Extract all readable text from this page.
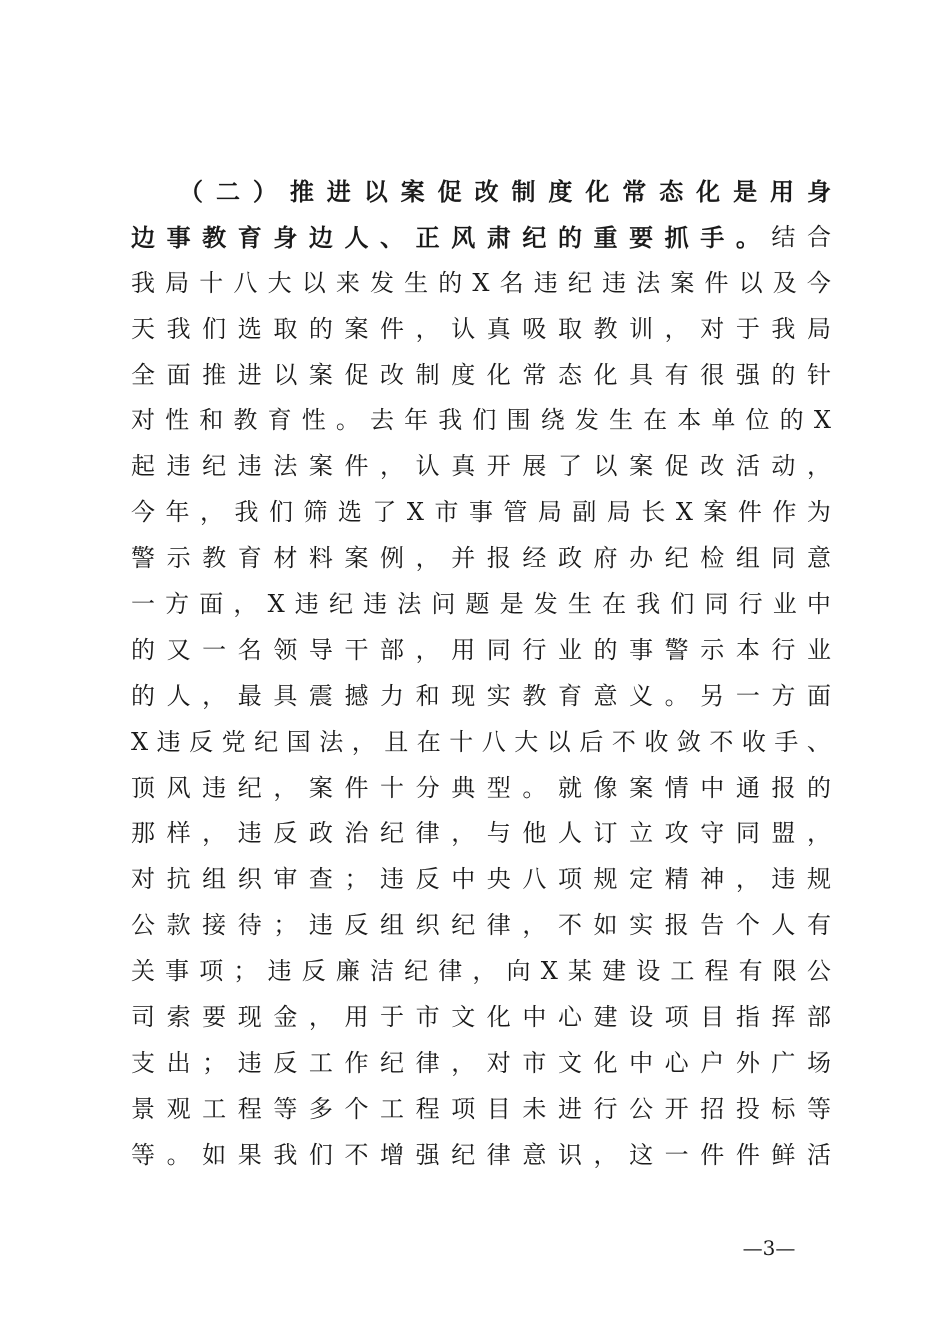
（ 二 ） 推 进 以 案 促 改 制 度 化 常 态 化 是 用 身
边 事 教 育 身 边 人 、 正 风 肃 纪 的 重 要 抓 手 。 结 合
我 局 十 八 大 以 来 发 生 的 X 名 违 纪 违 法 案 件 以 及 今
天 我 们 选 取 的 案 件 ， 认 真 吸 取 教 训 ， 对 于 我 局
全 面 推 进 以 案 促 改 制 度 化 常 态 化 具 有 很 强 的 针
对 性 和 教 育 性 。 去 年 我 们 围 绕 发 生 在 本 单 位 的 X
起 违 纪 违 法 案 件 ， 认 真 开 展 了 以 案 促 改 活 动 ，
今 年 ， 我 们 筛 选 了 X 市 事 管 局 副 局 长 X 案 件 作 为
警 示 教 育 材 料 案 例 ， 并 报 经 政 府 办 纪 检 组 同 意
一 方 面 ， X 违 纪 违 法 问 题 是 发 生 在 我 们 同 行 业 中
的 又 一 名 领 导 干 部 ， 用 同 行 业 的 事 警 示 本 行 业
的 人 ， 最 具 震 撼 力 和 现 实 教 育 意 义 。 另 一 方 面
X 违 反 党 纪 国 法 ， 且 在 十 八 大 以 后 不 收 敛 不 收 手 、
顶 风 违 纪 ， 案 件 十 分 典 型 。 就 像 案 情 中 通 报 的
那 样 ， 违 反 政 治 纪 律 ， 与 他 人 订 立 攻 守 同 盟 ，
对 抗 组 织 审 查 ； 违 反 中 央 八 项 规 定 精 神 ， 违 规
公 款 接 待 ； 违 反 组 织 纪 律 ， 不 如 实 报 告 个 人 有
关 事 项 ； 违 反 廉 洁 纪 律 ， 向 X 某 建 设 工 程 有 限 公
司 索 要 现 金 ， 用 于 市 文 化 中 心 建 设 项 目 指 挥 部
支 出 ； 违 反 工 作 纪 律 ， 对 市 文 化 中 心 户 外 广 场
景 观 工 程 等 多 个 工 程 项 目 未 进 行 公 开 招 投 标 等
等 。 如 果 我 们 不 增 强 纪 律 意 识 ， 这 一 件 件 鲜 活
—3—
